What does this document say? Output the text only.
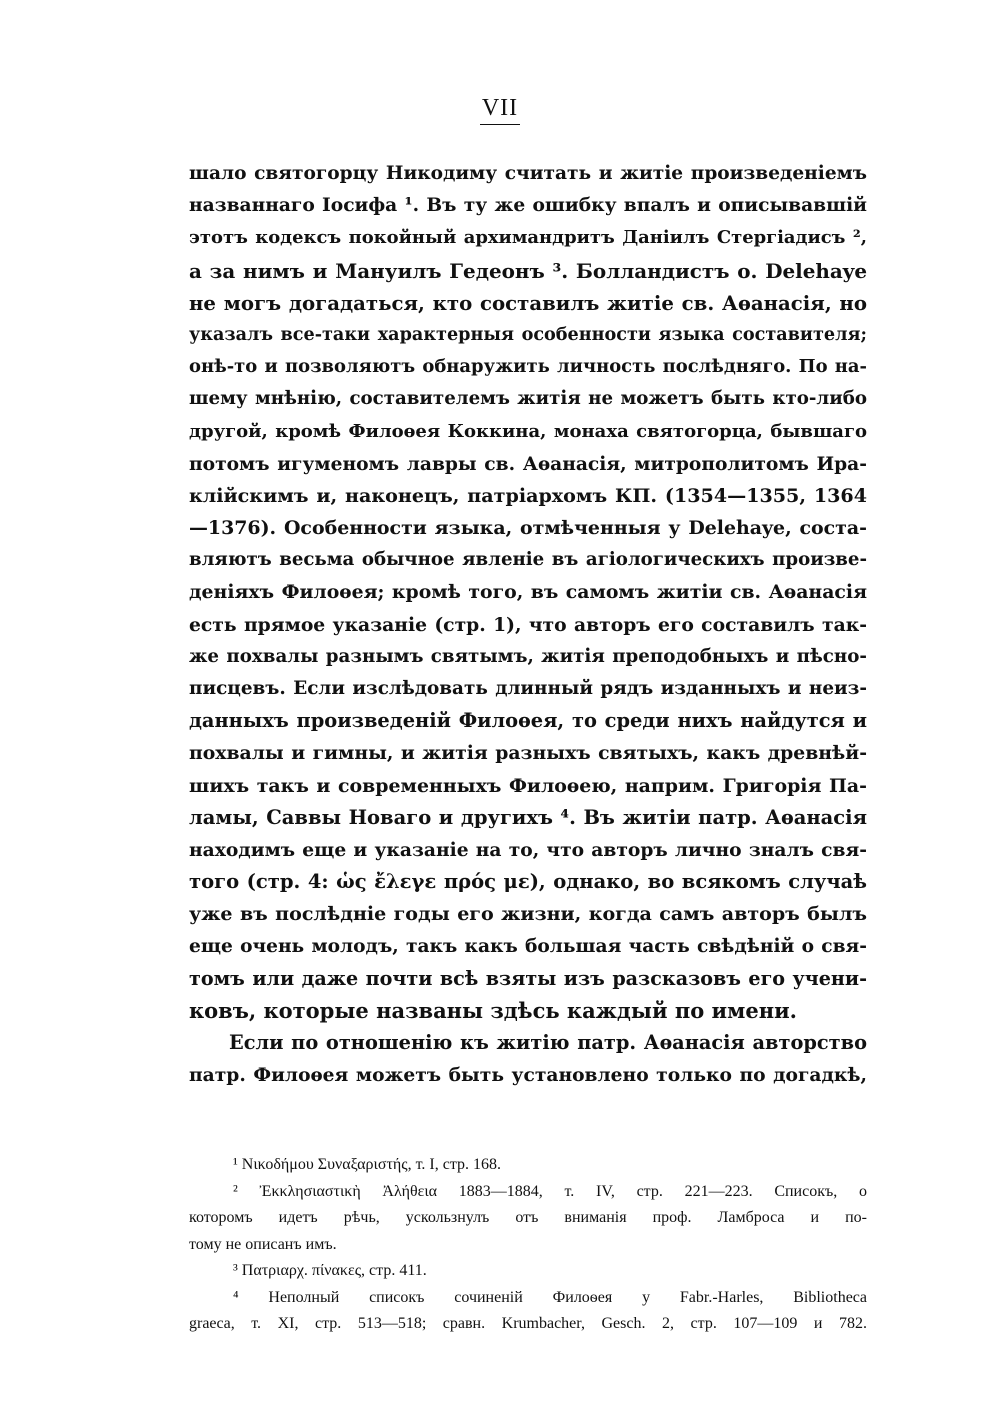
VII
шало святогорцу Никодиму считать и житіе произведеніемъ
названнаго Іосифа ¹. Въ ту же ошибку впалъ и описывавшій
этотъ кодексъ покойный архимандритъ Даніилъ Стергіадисъ ²,
а за нимъ и Мануилъ Гедеонъ ³. Болландистъ о. Delehaye
не могъ догадаться, кто составилъ житіе св. Аѳанасія, но
указалъ все-таки характерныя особенности языка составителя;
онѣ-то и позволяютъ обнаружить личность послѣдняго. По на-
шему мнѣнію, составителемъ житія не можетъ быть кто-либо
другой, кромѣ Филоѳея Коккина, монаха святогорца, бывшаго
потомъ игуменомъ лавры св. Аѳанасія, митрополитомъ Ира-
клійскимъ и, наконецъ, патріархомъ КП. (1354—1355, 1364
—1376). Особенности языка, отмѣченныя у Delehaye, соста-
вляютъ весьма обычное явленіе въ агіологическихъ произве-
деніяхъ Филоѳея; кромѣ того, въ самомъ житіи св. Аѳанасія
есть прямое указаніе (стр. 1), что авторъ его составилъ так-
же похвалы разнымъ святымъ, житія преподобныхъ и пѣсно-
писцевъ. Если изслѣдовать длинный рядъ изданныхъ и неиз-
данныхъ произведеній Филоѳея, то среди нихъ найдутся и
похвалы и гимны, и житія разныхъ святыхъ, какъ древнѣй-
шихъ такъ и современныхъ Филоѳею, наприм. Григорія Па-
ламы, Саввы Новаго и другихъ ⁴. Въ житіи патр. Аѳанасія
находимъ еще и указаніе на то, что авторъ лично зналъ свя-
того (стр. 4: ὡς ἔλεγε πρός με), однако, во всякомъ случаѣ
уже въ послѣдніе годы его жизни, когда самъ авторъ былъ
еще очень молодъ, такъ какъ большая часть свѣдѣній о свя-
томъ или даже почти всѣ взяты изъ разсказовъ его учени-
ковъ, которые названы здѣсь каждый по имени.
Если по отношенію къ житію патр. Аѳанасія авторство
патр. Филоѳея можетъ быть установлено только по догадкѣ,
¹ Νικοδήμου Συναξαριστής, т. I, стр. 168.
² Ἐκκλησιαστικὴ Ἀλήθεια 1883—1884, т. IV, стр. 221—223. Списокъ, о
которомъ идетъ рѣчь, ускользнулъ отъ вниманія проф. Ламброса и по-
тому не описанъ имъ.
³ Πατριαρχ. πίνακες, стр. 411.
⁴ Неполный списокъ сочиненій Филоѳея у Fabr.-Harles, Bibliotheca
graeca, т. XI, стр. 513—518; сравн. Krumbacher, Gesch. 2, стр. 107—109 и 782.
